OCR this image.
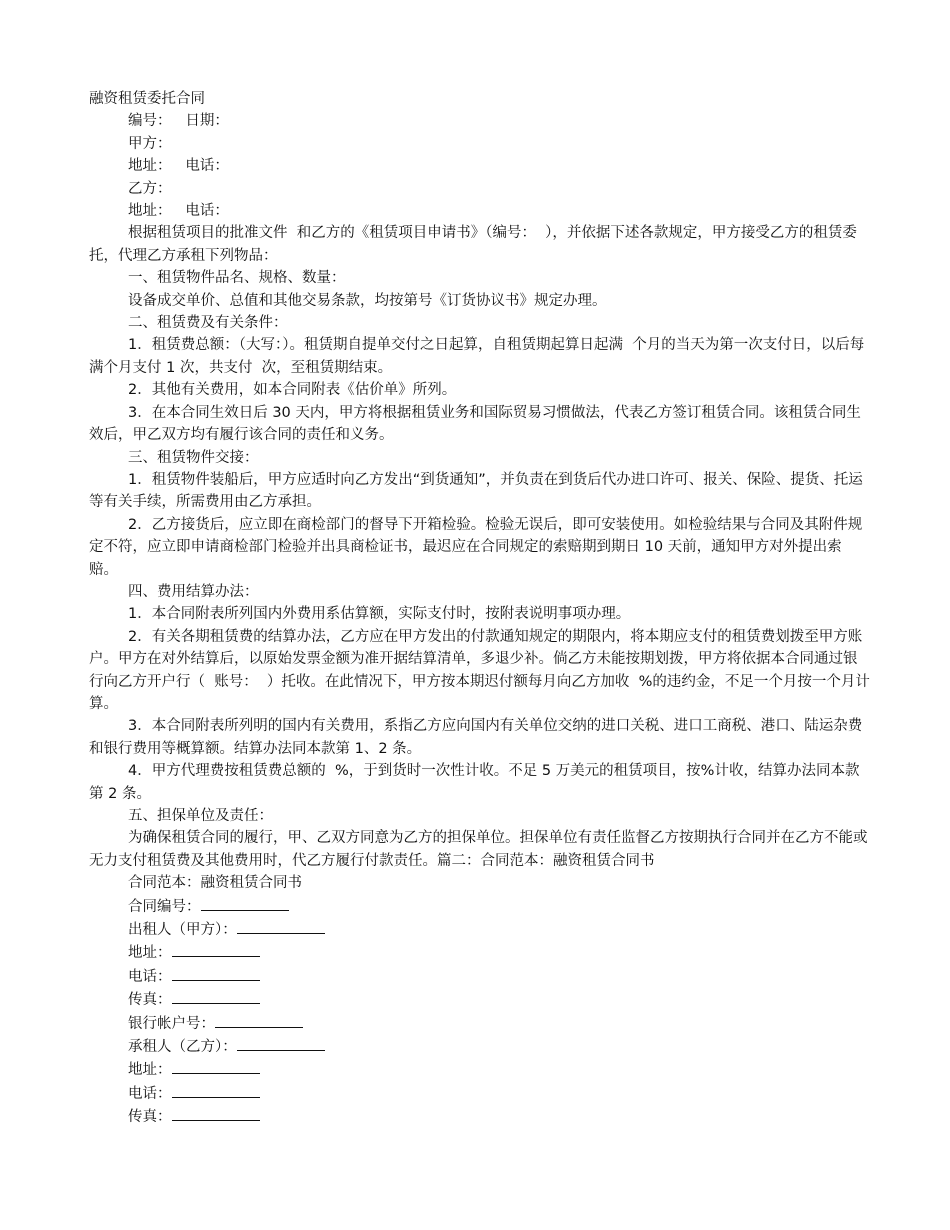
融资租赁委托合同

编号：   日期：

甲方：

地址：   电话：

乙方：

地址：   电话：

根据租赁项目的批准文件  和乙方的《租赁项目申请书》（编号：  ），并依据下述各款规定，甲方接受乙方的租赁委托，代理乙方承租下列物品：

一、租赁物件品名、规格、数量：

设备成交单价、总值和其他交易条款，均按第号《订货协议书》规定办理。

二、租赁费及有关条件：

1．租赁费总额：（大写：）。租赁期自提单交付之日起算，自租赁期起算日起满  个月的当天为第一次支付日，以后每满个月支付 1 次，共支付  次，至租赁期结束。

2．其他有关费用，如本合同附表《估价单》所列。

3．在本合同生效日后 30 天内，甲方将根据租赁业务和国际贸易习惯做法，代表乙方签订租赁合同。该租赁合同生效后，甲乙双方均有履行该合同的责任和义务。

三、租赁物件交接：

1．租赁物件装船后，甲方应适时向乙方发出“到货通知”，并负责在到货后代办进口许可、报关、保险、提货、托运等有关手续，所需费用由乙方承担。

2．乙方接货后，应立即在商检部门的督导下开箱检验。检验无误后，即可安装使用。如检验结果与合同及其附件规定不符，应立即申请商检部门检验并出具商检证书，最迟应在合同规定的索赔期到期日 10 天前，通知甲方对外提出索赔。

四、费用结算办法：

1．本合同附表所列国内外费用系估算额，实际支付时，按附表说明事项办理。

2．有关各期租赁费的结算办法，乙方应在甲方发出的付款通知规定的期限内，将本期应支付的租赁费划拨至甲方账户。甲方在对外结算后，以原始发票金额为准开据结算清单，多退少补。倘乙方未能按期划拨，甲方将依据本合同通过银行向乙方开户行（  账号：  ）托收。在此情况下，甲方按本期迟付额每月向乙方加收  %的违约金，不足一个月按一个月计算。

3．本合同附表所列明的国内有关费用，系指乙方应向国内有关单位交纳的进口关税、进口工商税、港口、陆运杂费和银行费用等概算额。结算办法同本款第 1、2 条。

4．甲方代理费按租赁费总额的  %，于到货时一次性计收。不足 5 万美元的租赁项目，按%计收，结算办法同本款第 2 条。

五、担保单位及责任：

为确保租赁合同的履行，甲、乙双方同意为乙方的担保单位。担保单位有责任监督乙方按期执行合同并在乙方不能或无力支付租赁费及其他费用时，代乙方履行付款责任。篇二：合同范本：融资租赁合同书

合同范本：融资租赁合同书

合同编号：

出租人（甲方）：

地址：

电话：

传真：

银行帐户号：

承租人（乙方）：

地址：

电话：

传真：
